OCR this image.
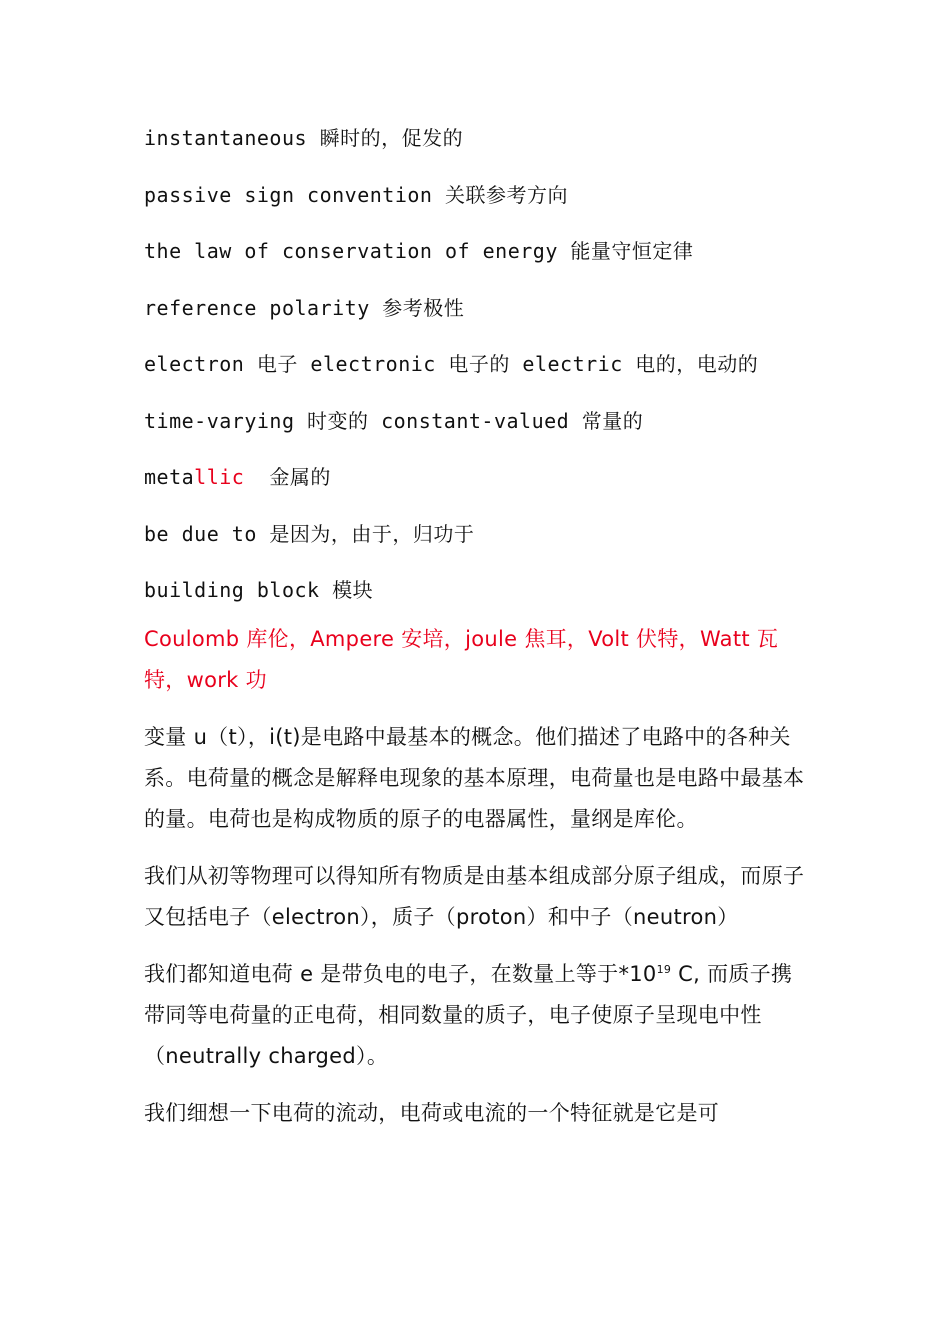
instantaneous 瞬时的，促发的
passive sign convention 关联参考方向
the law of conservation of energy 能量守恒定律
reference polarity 参考极性
electron 电子 electronic 电子的 electric 电的，电动的
time-varying 时变的 constant-valued 常量的
metallic  金属的
be due to 是因为，由于，归功于
building block 模块

Coulomb 库伦，Ampere 安培，joule 焦耳，Volt 伏特，Watt 瓦特，work 功

变量 u（t），i(t)是电路中最基本的概念。他们描述了电路中的各种关系。电荷量的概念是解释电现象的基本原理，电荷量也是电路中最基本的量。电荷也是构成物质的原子的电器属性，量纲是库伦。

我们从初等物理可以得知所有物质是由基本组成部分原子组成，而原子又包括电子（electron），质子（proton）和中子（neutron）

我们都知道电荷 e 是带负电的电子，在数量上等于$*10^{19}$ C, 而质子携带同等电荷量的正电荷，相同数量的质子，电子使原子呈现电中性（neutrally charged）。

我们细想一下电荷的流动，电荷或电流的一个特征就是它是可
